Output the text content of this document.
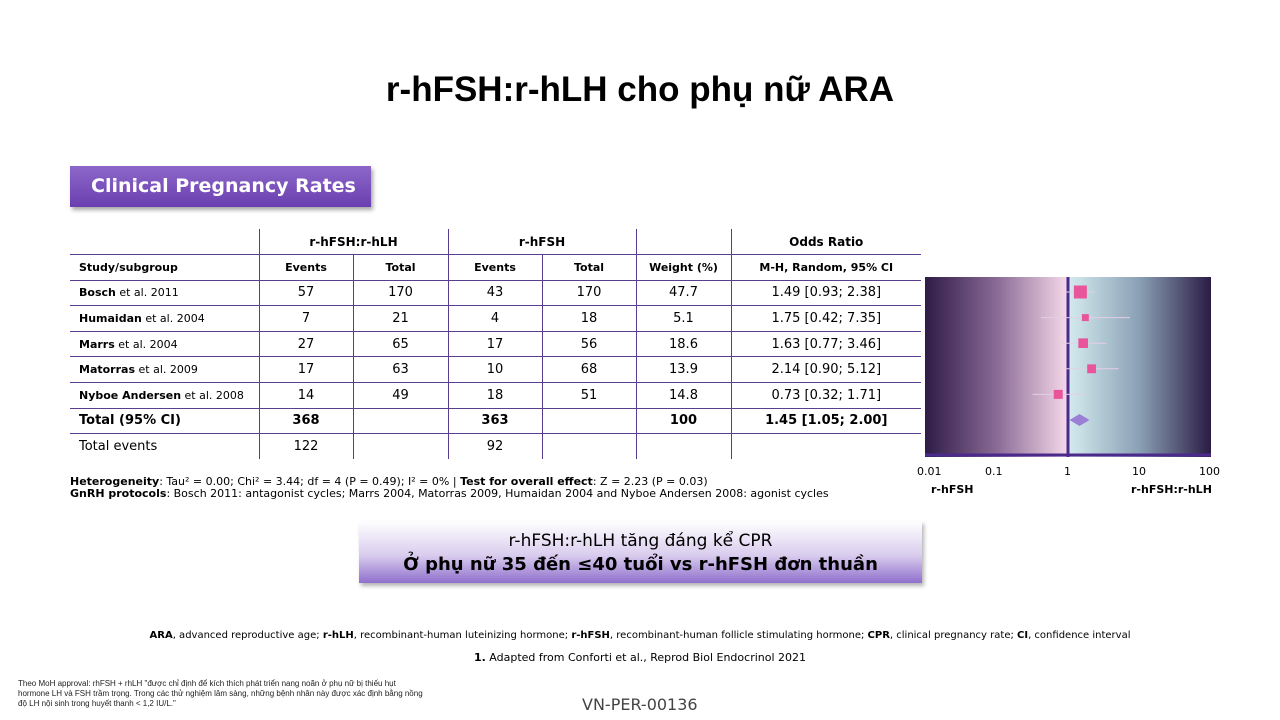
r-hFSH:r-hLH cho phụ nữ ARA
Clinical Pregnancy Rates
	r-hFSH:r-hLH		r-hFSH			Odds Ratio
Study/subgroup	Events	Total	Events	Total	Weight (%)	M-H, Random, 95% CI
Bosch et al. 2011	57	170	43	170	47.7	1.49 [0.93; 2.38]
Humaidan et al. 2004	7	21	4	18	5.1	1.75 [0.42; 7.35]
Marrs et al. 2004	27	65	17	56	18.6	1.63 [0.77; 3.46]
Matorras et al. 2009	17	63	10	68	13.9	2.14 [0.90; 5.12]
Nyboe Andersen et al. 2008	14	49	18	51	14.8	0.73 [0.32; 1.71]
Total (95% CI)	368		363		100	1.45 [1.05; 2.00]
Total events	122		92			
0.01	0.1	1	10	100
r-hFSH	r-hFSH:r-hLH
Heterogeneity: Tau² = 0.00; Chi² = 3.44; df = 4 (P = 0.49); I² = 0% | Test for overall effect: Z = 2.23 (P = 0.03)
GnRH protocols: Bosch 2011: antagonist cycles; Marrs 2004, Matorras 2009, Humaidan 2004 and Nyboe Andersen 2008: agonist cycles
r-hFSH:r-hLH tăng đáng kể CPR
Ở phụ nữ 35 đến ≤40 tuổi vs r-hFSH đơn thuần
ARA, advanced reproductive age; r-hLH, recombinant-human luteinizing hormone; r-hFSH, recombinant-human follicle stimulating hormone; CPR, clinical pregnancy rate; CI, confidence interval
1. Adapted from Conforti et al., Reprod Biol Endocrinol 2021
Theo MoH approval: rhFSH + rhLH "được chỉ định để kích thích phát triển nang noãn ở phụ nữ bị thiếu hụt hormone LH và FSH trầm trọng. Trong các thử nghiệm lâm sàng, những bệnh nhân này được xác định bằng nồng độ LH nội sinh trong huyết thanh < 1,2 IU/L."	VN-PER-00136
